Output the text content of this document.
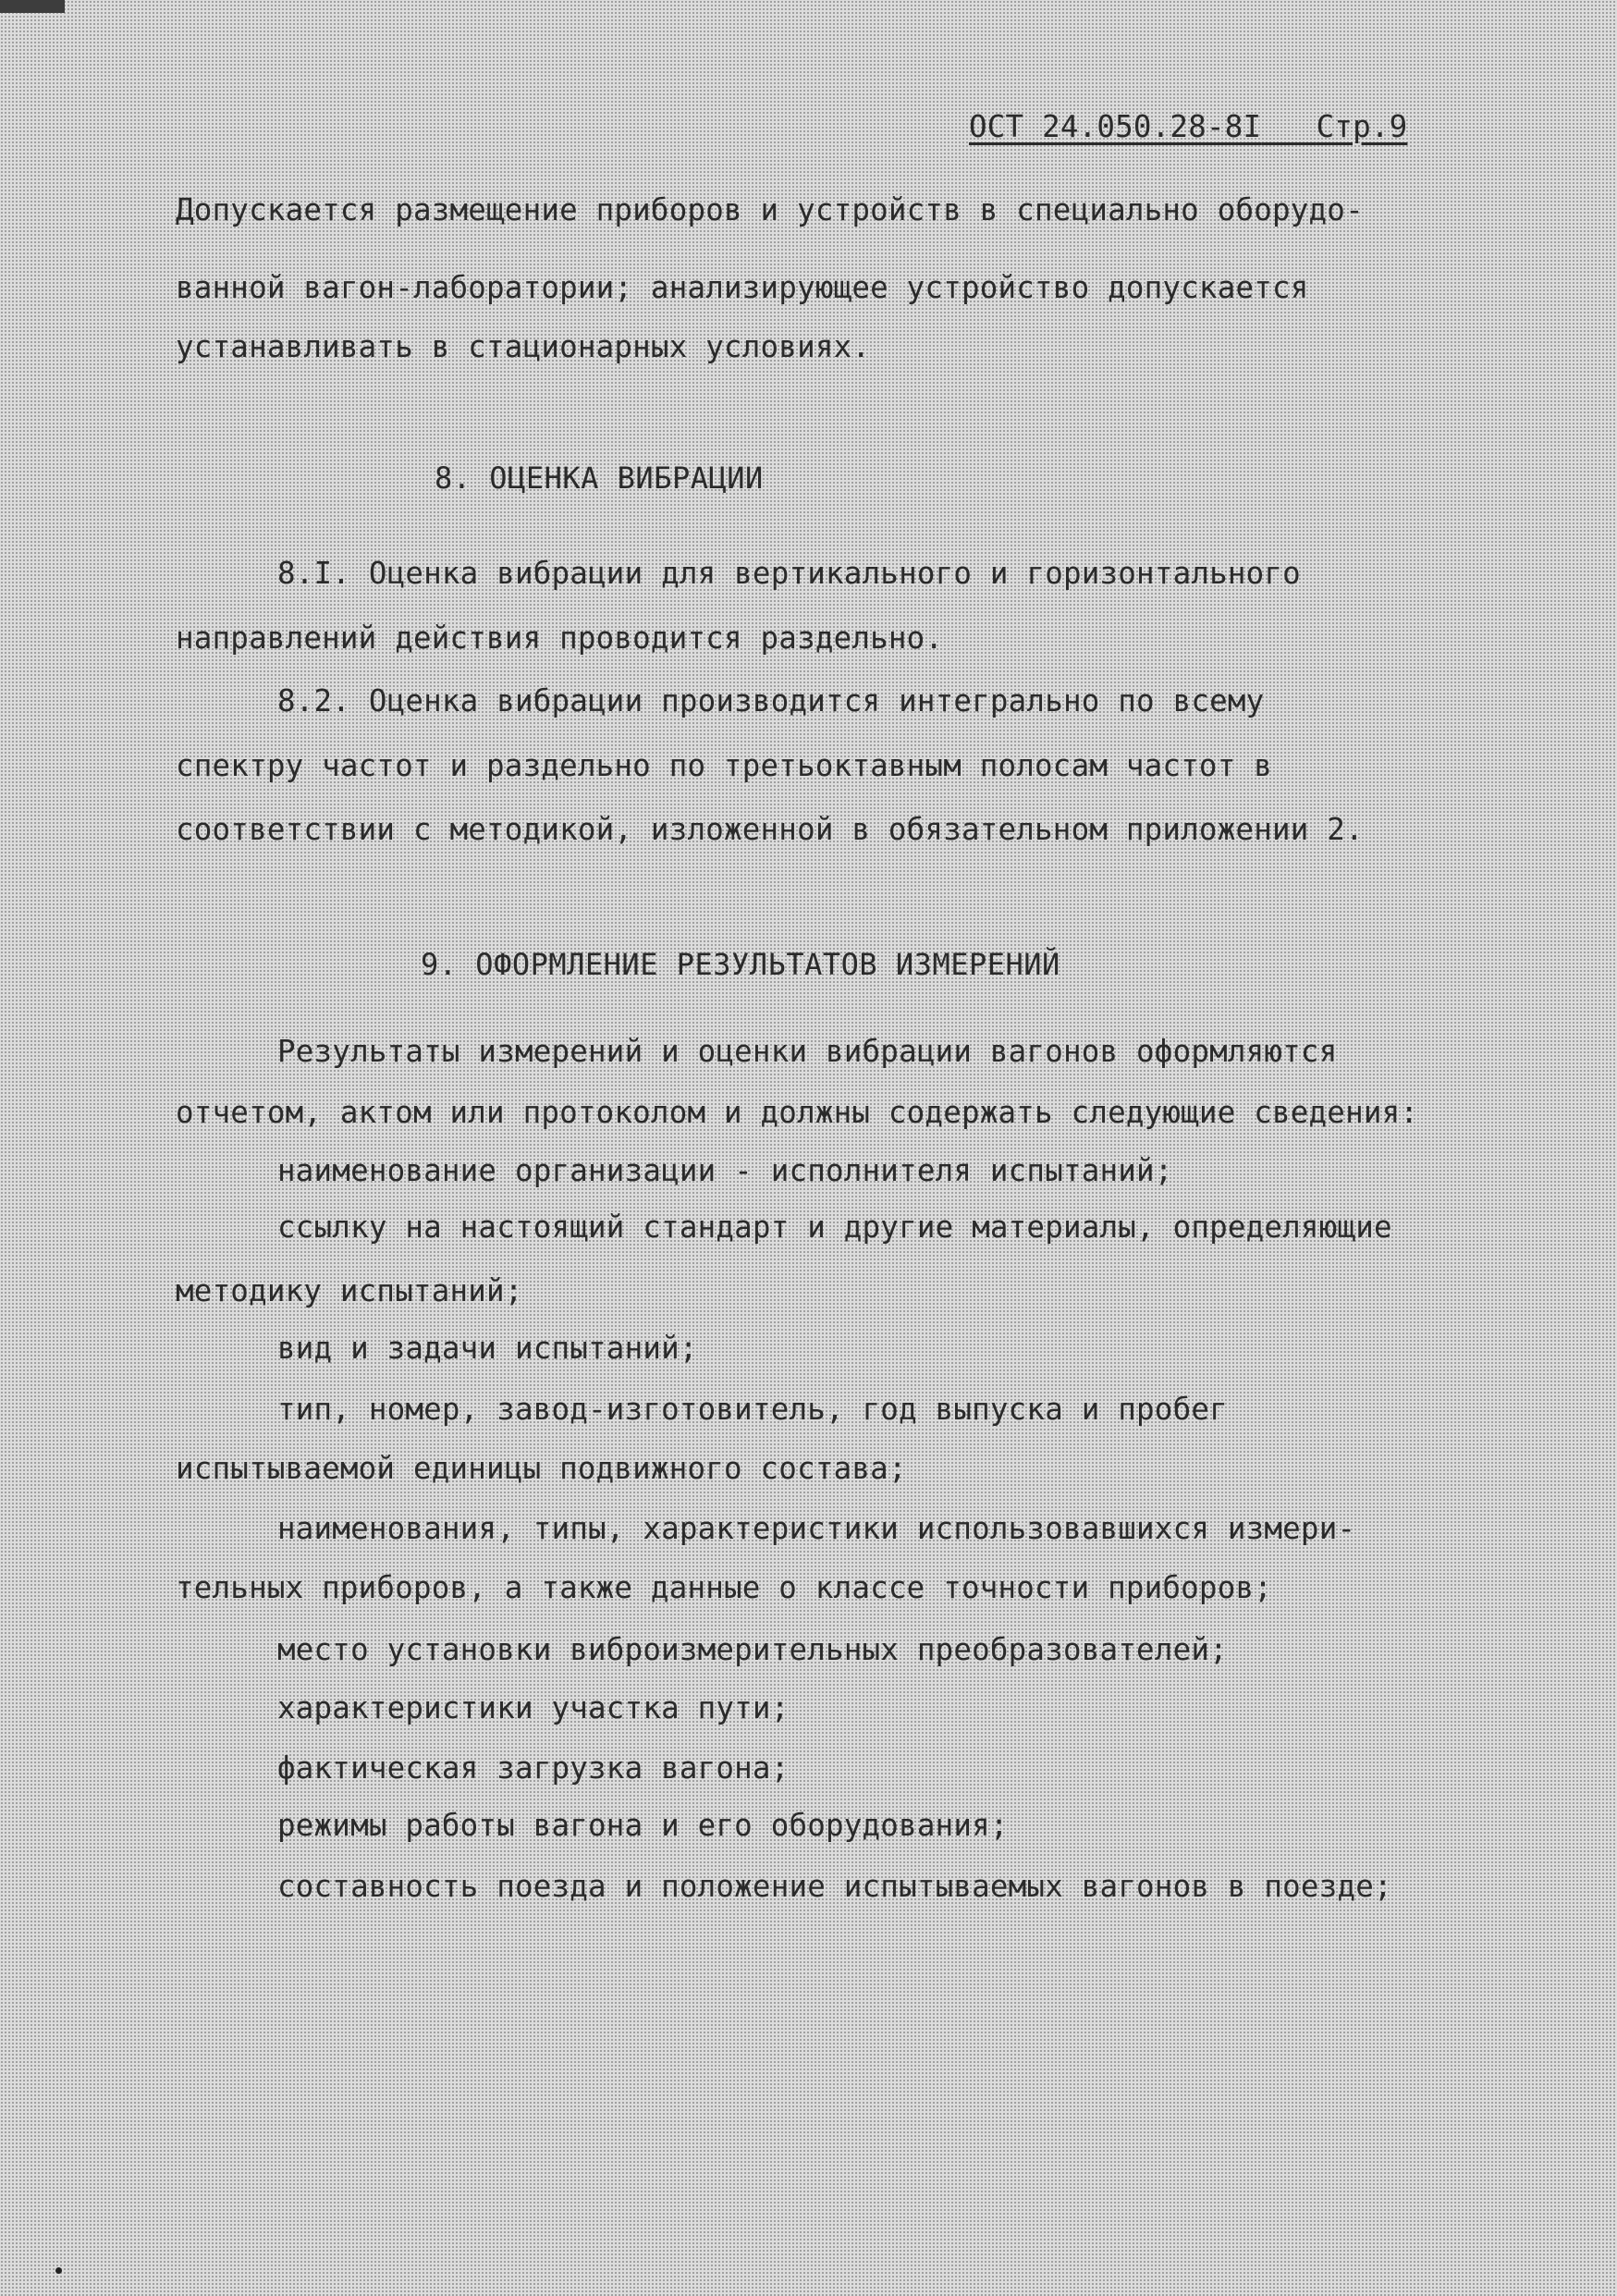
ОСТ 24.050.28-8I Стр.9
Допускается размещение приборов и устройств в специально оборудо-
ванной вагон-лаборатории; анализирующее устройство допускается
устанавливать в стационарных условиях.
8. ОЦЕНКА ВИБРАЦИИ
8.I. Оценка вибрации для вертикального и горизонтального
направлений действия проводится раздельно.
8.2. Оценка вибрации производится интегрально по всему
спектру частот и раздельно по третьоктавным полосам частот в
соответствии с методикой, изложенной в обязательном приложении 2.
9. ОФОРМЛЕНИЕ РЕЗУЛЬТАТОВ ИЗМЕРЕНИЙ
Результаты измерений и оценки вибрации вагонов оформляются
отчетом, актом или протоколом и должны содержать следующие сведения:
наименование организации - исполнителя испытаний;
ссылку на настоящий стандарт и другие материалы, определяющие
методику испытаний;
вид и задачи испытаний;
тип, номер, завод-изготовитель, год выпуска и пробег
испытываемой единицы подвижного состава;
наименования, типы, характеристики использовавшихся измери-
тельных приборов, а также данные о классе точности приборов;
место установки виброизмерительных преобразователей;
характеристики участка пути;
фактическая загрузка вагона;
режимы работы вагона и его оборудования;
составность поезда и положение испытываемых вагонов в поезде;
